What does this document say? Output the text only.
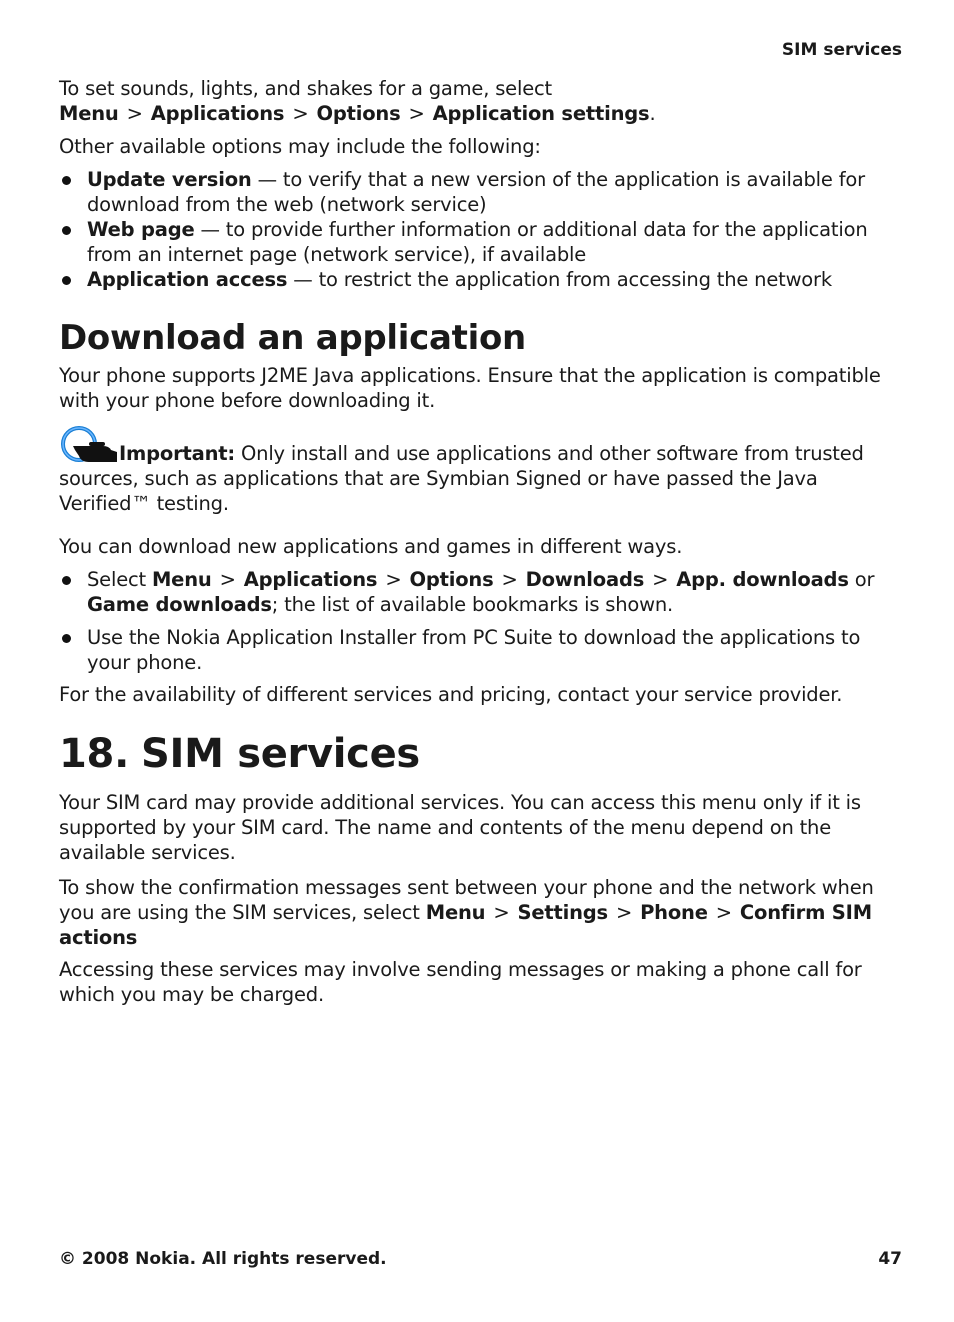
SIM services

To set sounds, lights, and shakes for a game, select Menu > Applications > Options > Application settings.

Other available options may include the following:

Update version — to verify that a new version of the application is available for download from the web (network service)
Web page — to provide further information or additional data for the application from an internet page (network service), if available
Application access — to restrict the application from accessing the network
Download an application

Your phone supports J2ME Java applications. Ensure that the application is compatible with your phone before downloading it.

Important: Only install and use applications and other software from trusted sources, such as applications that are Symbian Signed or have passed the Java Verified™ testing.

You can download new applications and games in different ways.

Select Menu > Applications > Options > Downloads > App. downloads or Game downloads; the list of available bookmarks is shown.
Use the Nokia Application Installer from PC Suite to download the applications to your phone.

For the availability of different services and pricing, contact your service provider.

18. SIM services

Your SIM card may provide additional services. You can access this menu only if it is supported by your SIM card. The name and contents of the menu depend on the available services.

To show the confirmation messages sent between your phone and the network when you are using the SIM services, select Menu > Settings > Phone > Confirm SIM actions

Accessing these services may involve sending messages or making a phone call for which you may be charged.

© 2008 Nokia. All rights reserved.	47
